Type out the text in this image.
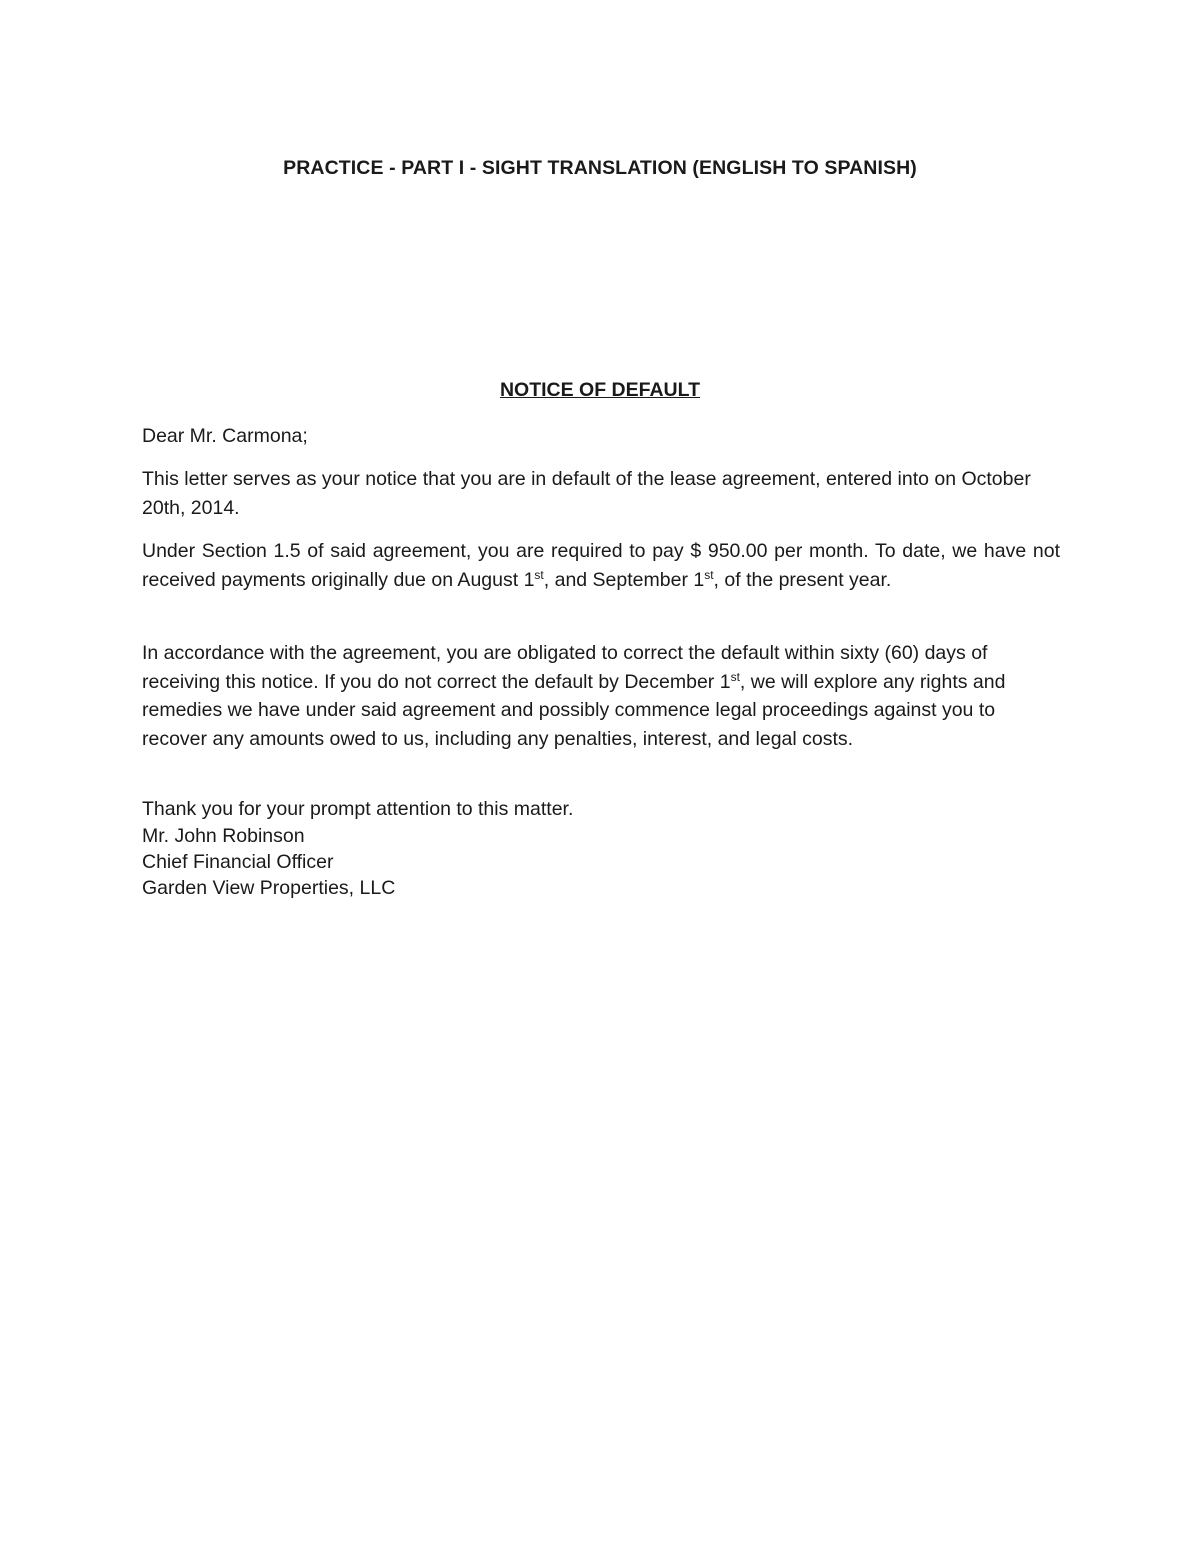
PRACTICE - PART I - SIGHT TRANSLATION (ENGLISH TO SPANISH)
NOTICE OF DEFAULT

Dear Mr. Carmona;

This letter serves as your notice that you are in default of the lease agreement, entered into on October 20th, 2014.

Under Section 1.5 of said agreement, you are required to pay $ 950.00 per month. To date, we have not received payments originally due on August 1st, and September 1st, of the present year.

In accordance with the agreement, you are obligated to correct the default within sixty (60) days of receiving this notice. If you do not correct the default by December 1st, we will explore any rights and remedies we have under said agreement and possibly commence legal proceedings against you to recover any amounts owed to us, including any penalties, interest, and legal costs.

Thank you for your prompt attention to this matter.

Mr. John Robinson
Chief Financial Officer
Garden View Properties, LLC
